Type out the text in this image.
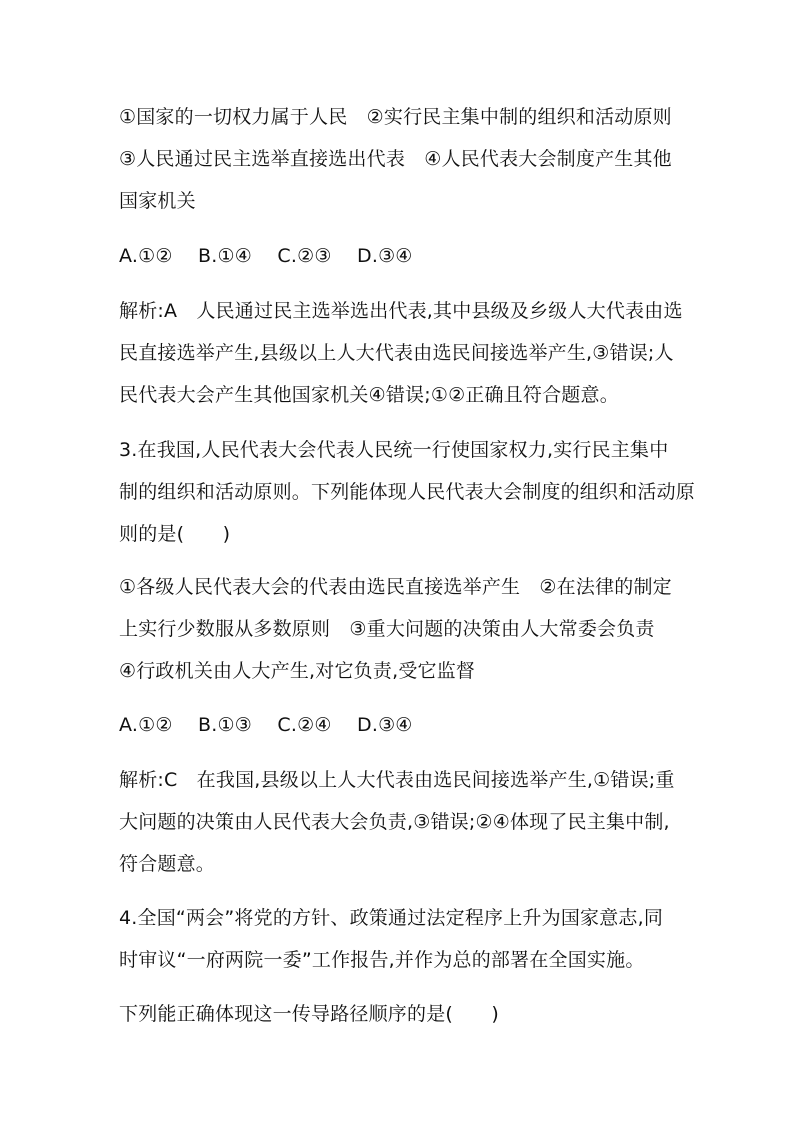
①国家的一切权力属于人民　②实行民主集中制的组织和活动原则
③人民通过民主选举直接选出代表　④人民代表大会制度产生其他
国家机关
A.①②　 B.①④　 C.②③　 D.③④
解析:A　人民通过民主选举选出代表,其中县级及乡级人大代表由选
民直接选举产生,县级以上人大代表由选民间接选举产生,③错误;人
民代表大会产生其他国家机关④错误;①②正确且符合题意。
3.在我国,人民代表大会代表人民统一行使国家权力,实行民主集中
制的组织和活动原则。下列能体现人民代表大会制度的组织和活动原
则的是(　　)
①各级人民代表大会的代表由选民直接选举产生　②在法律的制定
上实行少数服从多数原则　③重大问题的决策由人大常委会负责
④行政机关由人大产生,对它负责,受它监督
A.①②　 B.①③　 C.②④　 D.③④
解析:C　在我国,县级以上人大代表由选民间接选举产生,①错误;重
大问题的决策由人民代表大会负责,③错误;②④体现了民主集中制,
符合题意。
4.全国“两会”将党的方针、政策通过法定程序上升为国家意志,同
时审议“一府两院一委”工作报告,并作为总的部署在全国实施。
下列能正确体现这一传导路径顺序的是(　　)
